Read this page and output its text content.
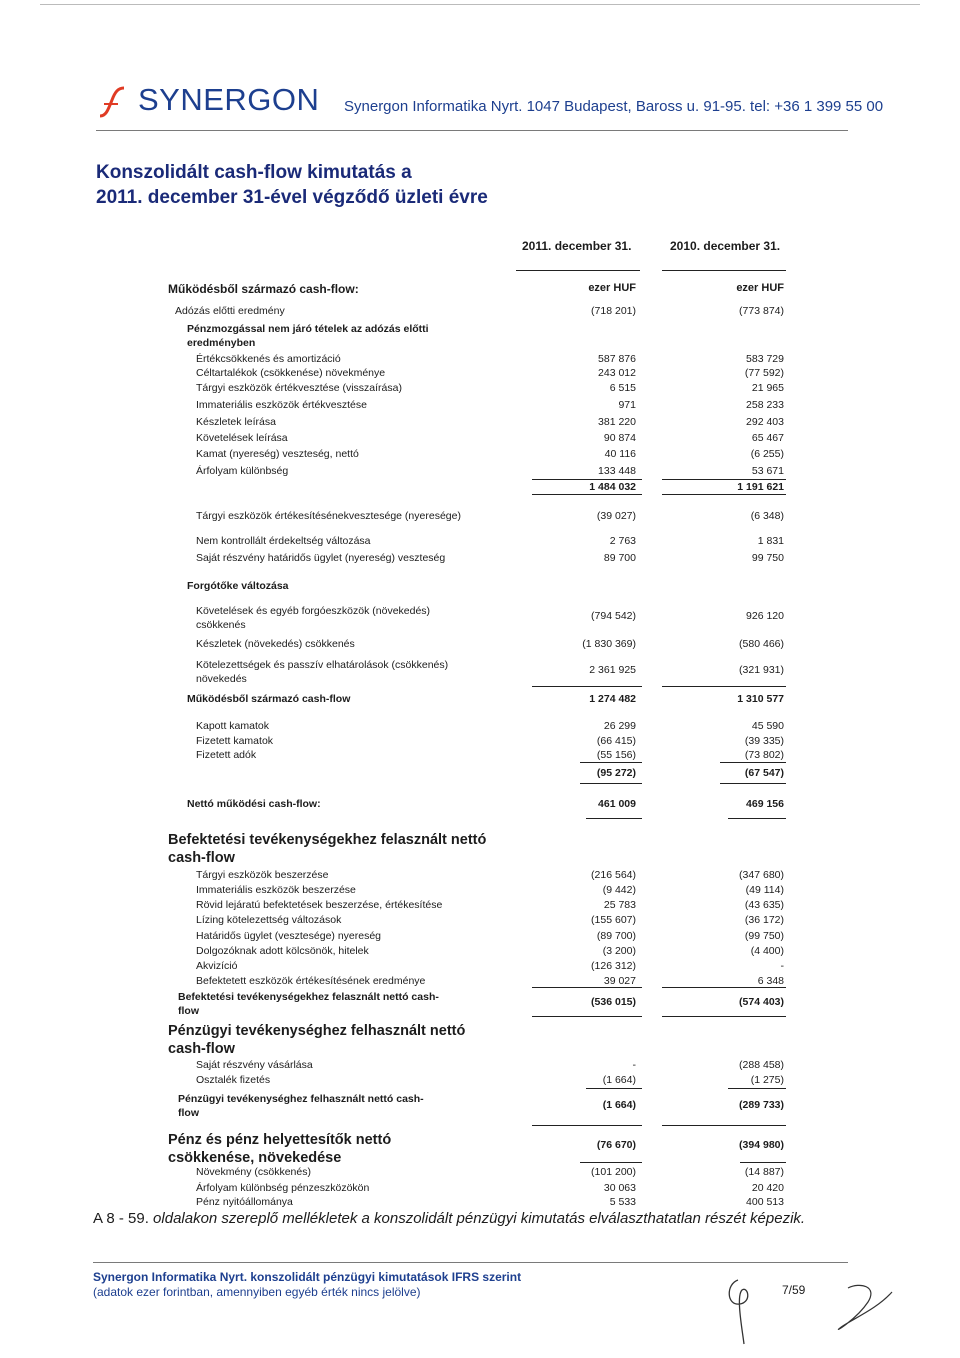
SYNERGON Synergon Informatika Nyrt. 1047 Budapest, Baross u. 91-95. tel: +36 1 399 55 00
Konszolidált cash-flow kimutatás a
2011. december 31-ével végződő üzleti évre
2011. december 31.	2010. december 31.
Működésből származó cash-flow:	ezer HUF	ezer HUF
Adózás előtti eredmény	(718 201)	(773 874)
Pénzmozgással nem járó tételek az adózás előtti eredményben
Értékcsökkenés és amortizáció	587 876	583 729
Céltartalékok (csökkenése) növekménye	243 012	(77 592)
Tárgyi eszközök értékvesztése (visszaírása)	6 515	21 965
Immateriális eszközök értékvesztése	971	258 233
Készletek leírása	381 220	292 403
Követelések leírása	90 874	65 467
Kamat (nyereség) veszteség, nettó	40 116	(6 255)
Árfolyam különbség	133 448	53 671
1 484 032	1 191 621
Tárgyi eszközök értékesítésénekvesztesége (nyeresége)	(39 027)	(6 348)
Nem kontrollált érdekeltség változása	2 763	1 831
Saját részvény határidős ügylet (nyereség) veszteség	89 700	99 750
Forgótőke változása
Követelések és egyéb forgóeszközök (növekedés)
csökkenés
(794 542)	926 120
Készletek (növekedés) csökkenés	(1 830 369)	(580 466)
Kötelezettségek és passzív elhatárolások (csökkenés)
növekedés
2 361 925	(321 931)
Működésből származó cash-flow	1 274 482	1 310 577
Kapott kamatok	26 299	45 590
Fizetett kamatok	(66 415)	(39 335)
Fizetett adók	(55 156)	(73 802)
(95 272)	(67 547)
Nettó működési cash-flow:	461 009	469 156
Befektetési tevékenységekhez felasznált nettó cash-flow
Tárgyi eszközök beszerzése	(216 564)	(347 680)
Immateriális eszközök beszerzése	(9 442)	(49 114)
Rövid lejáratú befektetések beszerzése, értékesítése	25 783	(43 635)
Lízing kötelezettség változások	(155 607)	(36 172)
Határidős ügylet (vesztesége) nyereség	(89 700)	(99 750)
Dolgozóknak adott kölcsönök, hitelek	(3 200)	(4 400)
Akvizíció	(126 312)	-
Befektetett eszközök értékesítésének eredménye	39 027	6 348
Befektetési tevékenységekhez felasznált nettó cash-
flow
(536 015)	(574 403)
Pénzügyi tevékenységhez felhasznált nettó cash-flow
Saját részvény vásárlása	-	(288 458)
Osztalék fizetés	(1 664)	(1 275)
Pénzügyi tevékenységhez felhasznált nettó cash-
flow
(1 664)	(289 733)
Pénz és pénz helyettesítők nettó csökkenése, növekedése
(76 670)	(394 980)
Növekmény (csökkenés)	(101 200)	(14 887)
Árfolyam különbség pénzeszközökön	30 063	20 420
Pénz nyitóállománya	5 533	400 513
A 8 - 59. oldalakon szereplő mellékletek a konszolidált pénzügyi kimutatás elválaszthatatlan részét képezik.
Synergon Informatika Nyrt. konszolidált pénzügyi kimutatások IFRS szerint
(adatok ezer forintban, amennyiben egyéb érték nincs jelölve)	7/59
